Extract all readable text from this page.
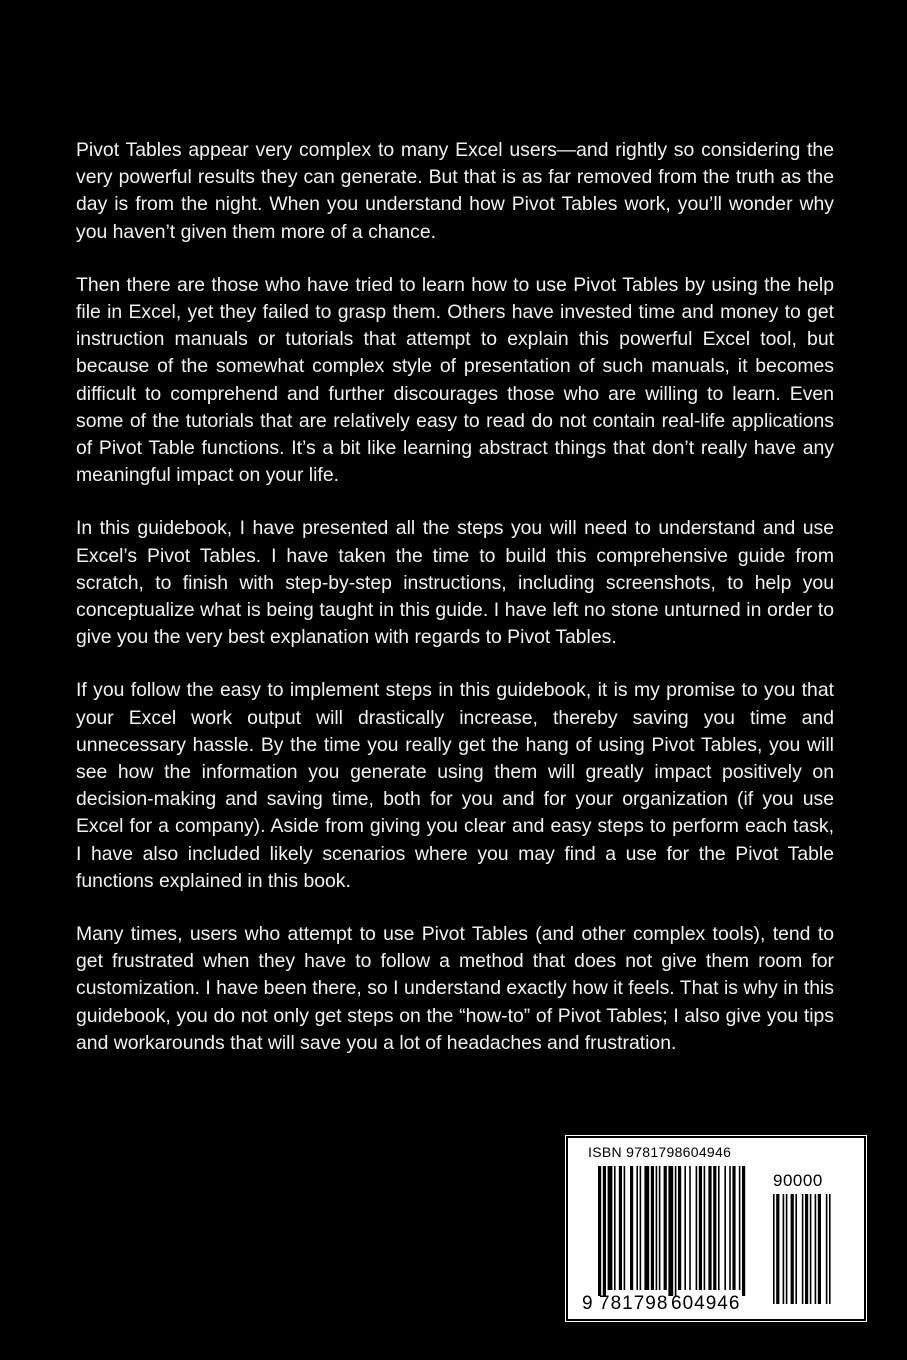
Pivot Tables appear very complex to many Excel users—and rightly so considering the very powerful results they can generate. But that is as far removed from the truth as the day is from the night. When you understand how Pivot Tables work, you’ll wonder why you haven’t given them more of a chance.

Then there are those who have tried to learn how to use Pivot Tables by using the help file in Excel, yet they failed to grasp them. Others have invested time and money to get instruction manuals or tutorials that attempt to explain this powerful Excel tool, but because of the somewhat complex style of presentation of such manuals, it becomes difficult to comprehend and further discourages those who are willing to learn. Even some of the tutorials that are relatively easy to read do not contain real-life applications of Pivot Table functions. It’s a bit like learning abstract things that don’t really have any meaningful impact on your life.

In this guidebook, I have presented all the steps you will need to understand and use Excel’s Pivot Tables. I have taken the time to build this comprehensive guide from scratch, to finish with step-by-step instructions, including screenshots, to help you conceptualize what is being taught in this guide. I have left no stone unturned in order to give you the very best explanation with regards to Pivot Tables.

If you follow the easy to implement steps in this guidebook, it is my promise to you that your Excel work output will drastically increase, thereby saving you time and unnecessary hassle. By the time you really get the hang of using Pivot Tables, you will see how the information you generate using them will greatly impact positively on decision-making and saving time, both for you and for your organization (if you use Excel for a company). Aside from giving you clear and easy steps to perform each task, I have also included likely scenarios where you may find a use for the Pivot Table functions explained in this book.

Many times, users who attempt to use Pivot Tables (and other complex tools), tend to get frustrated when they have to follow a method that does not give them room for customization. I have been there, so I understand exactly how it feels. That is why in this guidebook, you do not only get steps on the “how-to” of Pivot Tables; I also give you tips and workarounds that will save you a lot of headaches and frustration.

ISBN 9781798604946
90000
9 781798 604946
